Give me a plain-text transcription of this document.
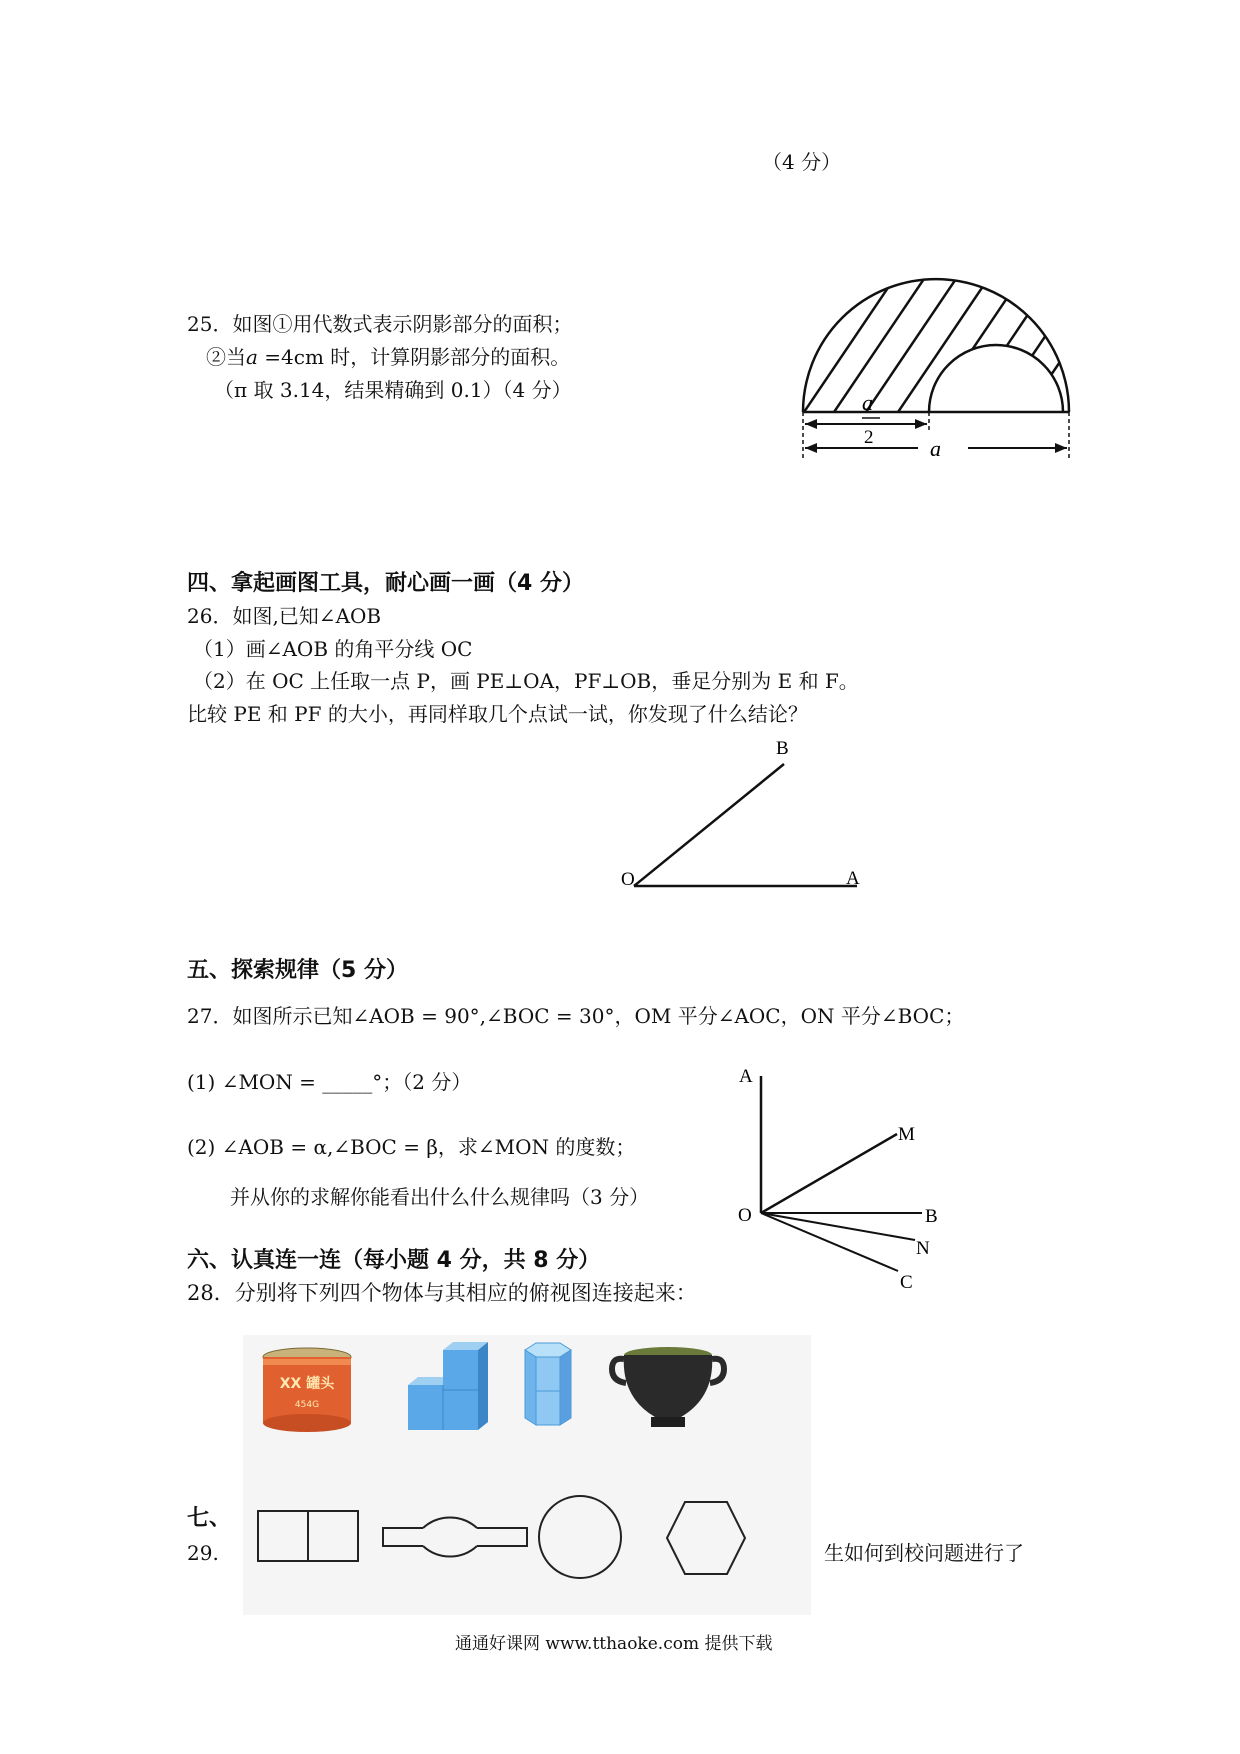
（4 分）
25．如图①用代数式表示阴影部分的面积；
②当a =4cm 时，计算阴影部分的面积。
（π 取 3.14，结果精确到 0.1）（4 分）	a
2	a
四、拿起画图工具，耐心画一画（4 分）
26．如图,已知∠AOB
（1）画∠AOB 的角平分线 OC
（2）在 OC 上任取一点 P，画 PE⊥OA，PF⊥OB，垂足分别为 E 和 F。
比较 PE 和 PF 的大小，再同样取几个点试一试，你发现了什么结论？
B
O	A
五、探索规律（5 分）
27．如图所示已知∠AOB = 90°,∠BOC = 30°，OM 平分∠AOC，ON 平分∠BOC；
(1) ∠MON = _____°；（2 分）
(2) ∠AOB = α,∠BOC = β，求∠MON 的度数；
并从你的求解你能看出什么什么规律吗（3 分）
A
M
O	B
N
C
六、认真连一连（每小题 4 分，共 8 分）
28．分别将下列四个物体与其相应的俯视图连接起来：
七、
29.	生如何到校问题进行了
XX 罐头
454G
通通好课网 www.tthaoke.com 提供下载
